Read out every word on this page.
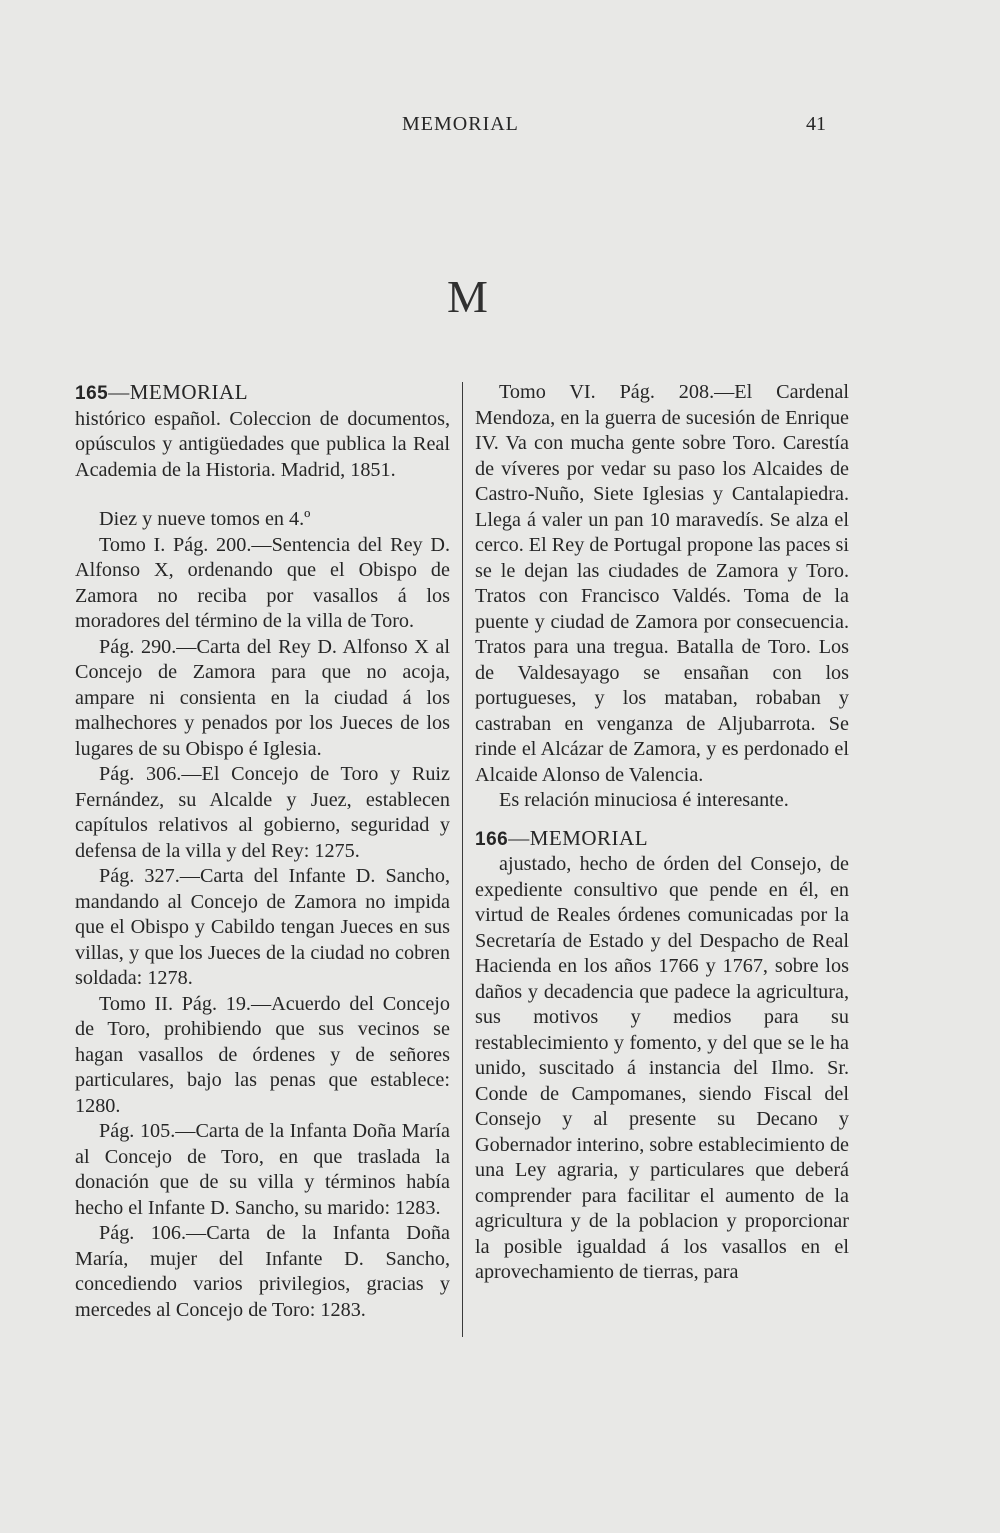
MEMORIAL	41
M

165—MEMORIAL

histórico español. Coleccion de documentos, opúsculos y antigüedades que publica la Real Academia de la Historia. Madrid, 1851.

Diez y nueve tomos en 4.º

Tomo I. Pág. 200.—Sentencia del Rey D. Alfonso X, ordenando que el Obispo de Zamora no reciba por vasallos á los moradores del término de la villa de Toro.

Pág. 290.—Carta del Rey D. Alfonso X al Concejo de Zamora para que no acoja, ampare ni consienta en la ciudad á los malhechores y penados por los Jueces de los lugares de su Obispo é Iglesia.

Pág. 306.—El Concejo de Toro y Ruiz Fernández, su Alcalde y Juez, establecen capítulos relativos al gobierno, seguridad y defensa de la villa y del Rey: 1275.

Pág. 327.—Carta del Infante D. Sancho, mandando al Concejo de Zamora no impida que el Obispo y Cabildo tengan Jueces en sus villas, y que los Jueces de la ciudad no cobren soldada: 1278.

Tomo II. Pág. 19.—Acuerdo del Concejo de Toro, prohibiendo que sus vecinos se hagan vasallos de órdenes y de señores particulares, bajo las penas que establece: 1280.

Pág. 105.—Carta de la Infanta Doña María al Concejo de Toro, en que traslada la donación que de su villa y términos había hecho el Infante D. Sancho, su marido: 1283.

Pág. 106.—Carta de la Infanta Doña María, mujer del Infante D. Sancho, concediendo varios privilegios, gracias y mercedes al Concejo de Toro: 1283.

Tomo VI. Pág. 208.—El Cardenal Mendoza, en la guerra de sucesión de Enrique IV. Va con mucha gente sobre Toro. Carestía de víveres por vedar su paso los Alcaides de Castro-Nuño, Siete Iglesias y Cantalapiedra. Llega á valer un pan 10 maravedís. Se alza el cerco. El Rey de Portugal propone las paces si se le dejan las ciudades de Zamora y Toro. Tratos con Francisco Valdés. Toma de la puente y ciudad de Zamora por consecuencia. Tratos para una tregua. Batalla de Toro. Los de Valdesayago se ensañan con los portugueses, y los mataban, robaban y castraban en venganza de Aljubarrota. Se rinde el Alcázar de Zamora, y es perdonado el Alcaide Alonso de Valencia.

Es relación minuciosa é interesante.

166—MEMORIAL

ajustado, hecho de órden del Consejo, de expediente consultivo que pende en él, en virtud de Reales órdenes comunicadas por la Secretaría de Estado y del Despacho de Real Hacienda en los años 1766 y 1767, sobre los daños y decadencia que padece la agricultura, sus motivos y medios para su restablecimiento y fomento, y del que se le ha unido, suscitado á instancia del Ilmo. Sr. Conde de Campomanes, siendo Fiscal del Consejo y al presente su Decano y Gobernador interino, sobre establecimiento de una Ley agraria, y particulares que deberá comprender para facilitar el aumento de la agricultura y de la poblacion y proporcionar la posible igualdad á los vasallos en el aprovechamiento de tierras, para
